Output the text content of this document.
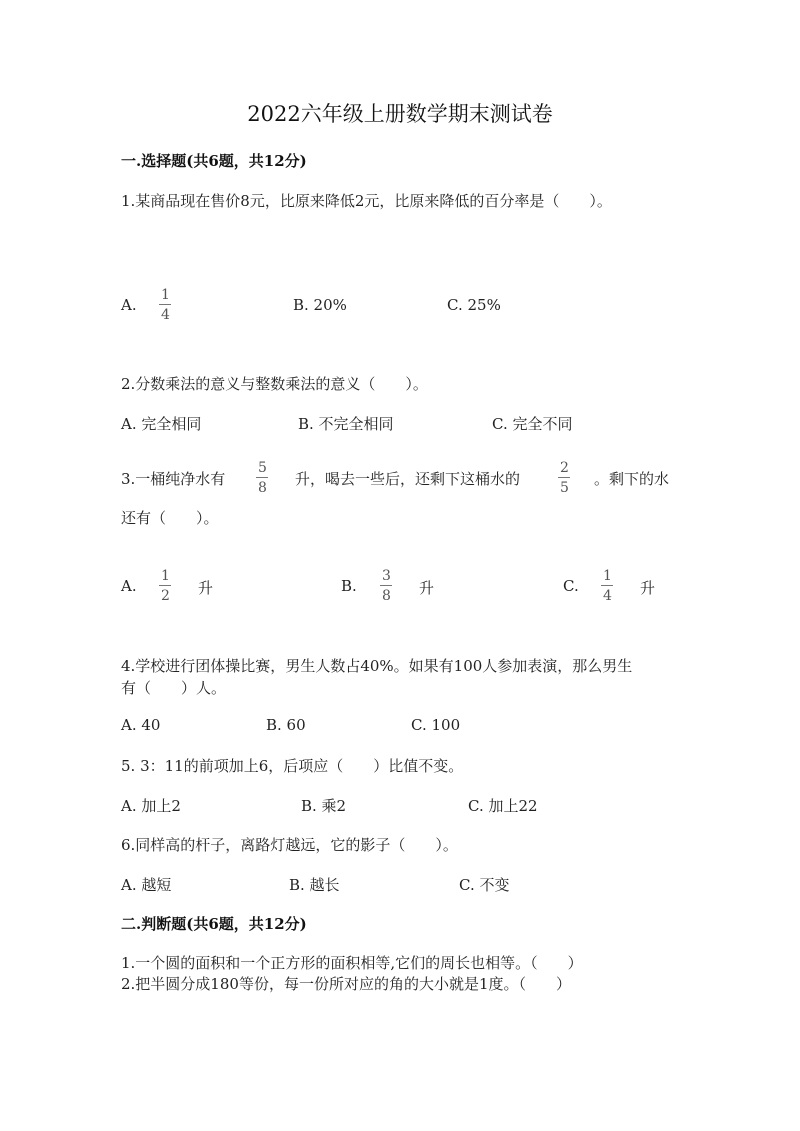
2022六年级上册数学期末测试卷
一.选择题(共6题，共12分)
1.某商品现在售价8元，比原来降低2元，比原来降低的百分率是（　　）。
A.
1
4
B. 20%	C. 25%
2.分数乘法的意义与整数乘法的意义（　　）。
A. 完全相同	B. 不完全相同	C. 完全不同
3.一桶纯净水有
5
8 升，喝去一些后，还剩下这桶水的
2
5 。剩下的水
还有（　　）。
A.
1
2 升	B.
3
8 升	C.
1
4 升
4.学校进行团体操比赛，男生人数占40%。如果有100人参加表演，那么男生
有（　　）人。
A. 40	B. 60	C. 100
5. 3：11的前项加上6，后项应（　　）比值不变。
A. 加上2	B. 乘2	C. 加上22
6.同样高的杆子，离路灯越远，它的影子（　　）。
A. 越短	B. 越长	C. 不变
二.判断题(共6题，共12分)
1.一个圆的面积和一个正方形的面积相等,它们的周长也相等。（　　）
2.把半圆分成180等份，每一份所对应的角的大小就是1度。（　　）
